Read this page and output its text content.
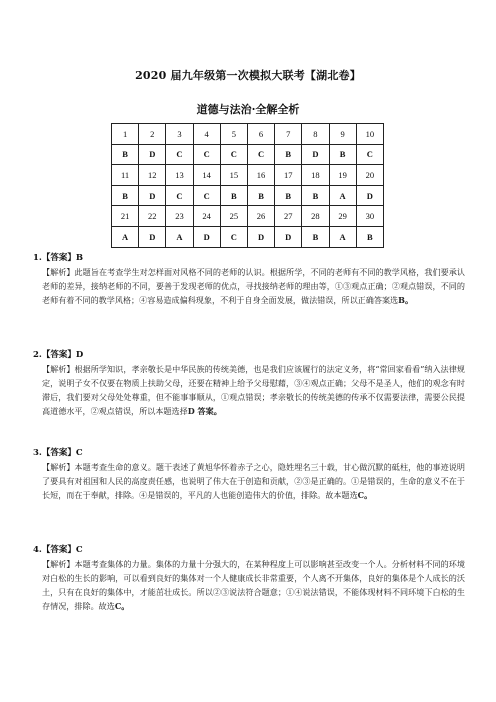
2020 届九年级第一次模拟大联考【湖北卷】
道德与法治·全解全析
1	2	3	4	5	6	7	8	9	10
B	D	C	C	C	C	B	D	B	C
11	12	13	14	15	16	17	18	19	20
B	D	C	C	B	B	B	B	A	D
21	22	23	24	25	26	27	28	29	30
A	D	A	D	C	D	D	B	A	B
1.【答案】B
【解析】此题旨在考查学生对怎样面对风格不同的老师的认识。根据所学，不同的老师有不同的教学风格，我们要承认老师的差异，接纳老师的不同，要善于发现老师的优点，寻找接纳老师的理由等，①③观点正确；②观点错误，不同的老师有着不同的教学风格；④容易造成偏科现象，不利于自身全面发展，做法错误，所以正确答案选B。
2.【答案】D
【解析】根据所学知识，孝亲敬长是中华民族的传统美德，也是我们应该履行的法定义务，将“常回家看看”纳入法律规定，说明子女不仅要在物质上扶助父母，还要在精神上给予父母慰藉，③④观点正确；父母不是圣人，他们的观念有时滞后，我们要对父母处处尊重，但不能事事顺从，①观点错误；孝亲敬长的传统美德的传承不仅需要法律，需要公民提高道德水平，②观点错误，所以本题选择D 答案。
3.【答案】C
【解析】本题考查生命的意义。题干表述了黄旭华怀着赤子之心，隐姓埋名三十载，甘心做沉默的砥柱，他的事迹说明了要具有对祖国和人民的高度责任感，也说明了伟大在于创造和贡献，②③是正确的。①是错误的，生命的意义不在于长短，而在于奉献，排除。④是错误的，平凡的人也能创造伟大的价值，排除。故本题选C。
4.【答案】C
【解析】本题考查集体的力量。集体的力量十分强大的，在某种程度上可以影响甚至改变一个人。分析材料不同的环境对白松的生长的影响，可以看到良好的集体对一个人健康成长非常重要，个人离不开集体，良好的集体是个人成长的沃土，只有在良好的集体中，才能茁壮成长。所以②③说法符合题意；①④说法错误，不能体现材料不同环境下白松的生存情况，排除。故选C。
